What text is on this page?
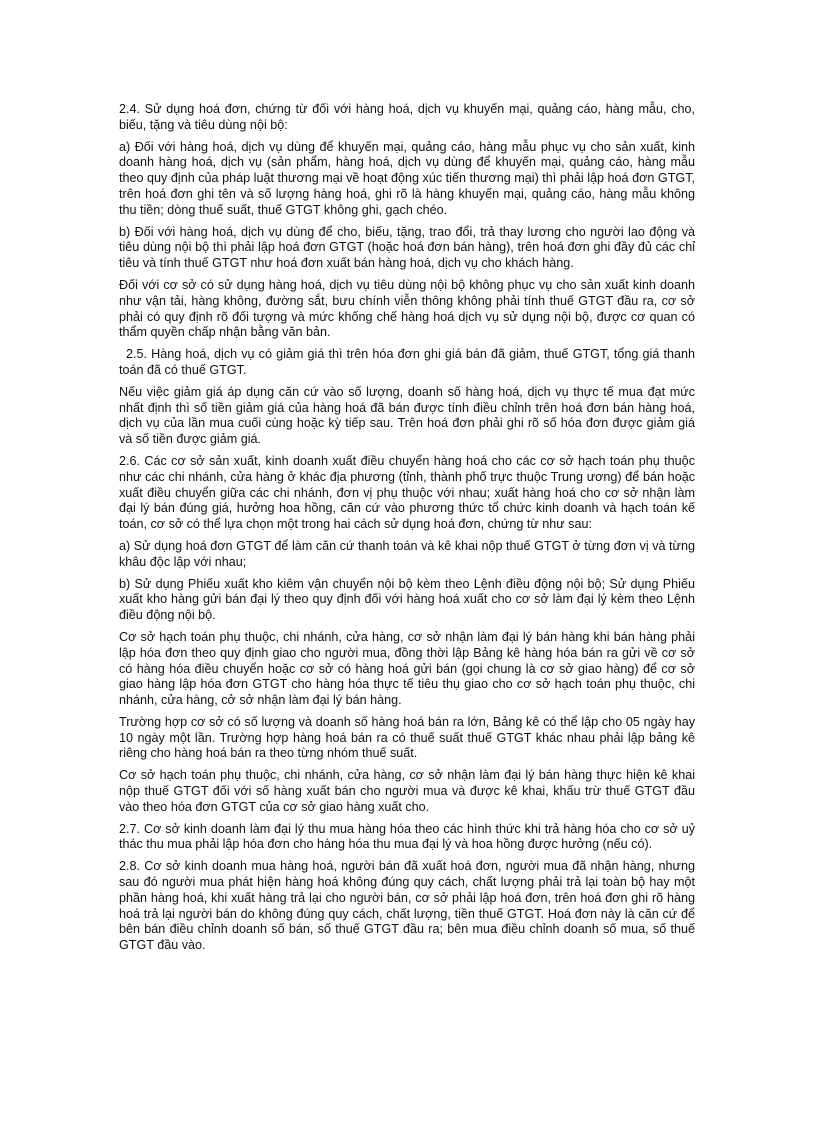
2.4. Sử dụng hoá đơn, chứng từ đối với hàng hoá, dịch vụ khuyến mại, quảng cáo, hàng mẫu, cho, biếu, tặng và tiêu dùng nội bộ:

a) Đối với hàng hoá, dịch vụ dùng để khuyến mại, quảng cáo, hàng mẫu phục vụ cho sản xuất, kinh doanh hàng hoá, dịch vụ (sản phẩm, hàng hoá, dịch vụ dùng để khuyến mại, quảng cáo, hàng mẫu theo quy định của pháp luật thương mại về hoạt động xúc tiến thương mại) thì phải lập hoá đơn GTGT, trên hoá đơn ghi tên và số lượng hàng hoá, ghi rõ là hàng khuyến mại, quảng cáo, hàng mẫu không thu tiền; dòng thuế suất, thuế GTGT không ghi, gạch chéo.

b) Đối với hàng hoá, dịch vụ dùng để cho, biếu, tặng, trao đổi, trả thay lương cho người lao động và tiêu dùng nội bộ thì phải lập hoá đơn GTGT (hoặc hoá đơn bán hàng), trên hoá đơn ghi đầy đủ các chỉ tiêu và tính thuế GTGT như hoá đơn xuất bán hàng hoá, dịch vụ cho khách hàng.

Đối với cơ sở có sử dụng hàng hoá, dịch vụ tiêu dùng nội bộ không phục vụ cho sản xuất kinh doanh như vận tải, hàng không, đường sắt, bưu chính viễn thông không phải tính thuế GTGT đầu ra, cơ sở phải có quy định rõ đối tượng và mức khống chế hàng hoá dịch vụ sử dụng nội bộ, được cơ quan có thẩm quyền chấp nhận bằng văn bản.

2.5. Hàng hoá, dịch vụ có giảm giá thì trên hóa đơn ghi giá bán đã giảm, thuế GTGT, tổng giá thanh toán đã có thuế GTGT.

Nếu việc giảm giá áp dụng căn cứ vào số lượng, doanh số hàng hoá, dịch vụ thực tế mua đạt mức nhất định thì số tiền giảm giá của hàng hoá đã bán được tính điều chỉnh trên hoá đơn bán hàng hoá, dịch vụ của lần mua cuối cùng hoặc kỳ tiếp sau. Trên hoá đơn phải ghi rõ số hóa đơn được giảm giá và số tiền được giảm giá.

2.6. Các cơ sở sản xuất, kinh doanh xuất điều chuyển hàng hoá cho các cơ sở hạch toán phụ thuộc như các chi nhánh, cửa hàng ở khác địa phương (tỉnh, thành phố trực thuộc Trung ương) để bán hoặc xuất điều chuyển giữa các chi nhánh, đơn vị phụ thuộc với nhau; xuất hàng hoá cho cơ sở nhận làm đại lý bán đúng giá, hưởng hoa hồng, căn cứ vào phương thức tổ chức kinh doanh và hạch toán kế toán, cơ sở có thể lựa chọn một trong hai cách sử dụng hoá đơn, chứng từ như sau:

a) Sử dụng hoá đơn GTGT để làm căn cứ thanh toán và kê khai nộp thuế GTGT ở từng đơn vị và từng khâu độc lập với nhau;

b) Sử dụng Phiếu xuất kho kiêm vận chuyển nội bộ kèm theo Lệnh điều động nội bộ; Sử dụng Phiếu xuất kho hàng gửi bán đại lý theo quy định đối với hàng hoá xuất cho cơ sở làm đại lý kèm theo Lệnh điều động nội bộ.

Cơ sở hạch toán phụ thuộc, chi nhánh, cửa hàng, cơ sở nhận làm đại lý bán hàng khi bán hàng phải lập hóa đơn theo quy định giao cho người mua, đồng thời lập Bảng kê hàng hóa bán ra gửi về cơ sở có hàng hóa điều chuyển hoặc cơ sở có hàng hoá gửi bán (gọi chung là cơ sở giao hàng) để cơ sở giao hàng lập hóa đơn GTGT cho hàng hóa thực tế tiêu thụ giao cho cơ sở hạch toán phụ thuộc, chi nhánh, cửa hàng, cở sở nhận làm đại lý bán hàng.

Trường hợp cơ sở có số lượng và doanh số hàng hoá bán ra lớn, Bảng kê có thể lập cho 05 ngày hay 10 ngày một lần. Trường hợp hàng hoá bán ra có thuế suất thuế GTGT khác nhau phải lập bảng kê riêng cho hàng hoá bán ra theo từng nhóm thuế suất.

Cơ sở hạch toán phụ thuộc, chi nhánh, cửa hàng, cơ sở nhận làm đại lý bán hàng thực hiện kê khai nộp thuế GTGT đối với số hàng xuất bán cho người mua và được kê khai, khấu trừ thuế GTGT đầu vào theo hóa đơn GTGT của cơ sở giao hàng xuất cho.

2.7. Cơ sở kinh doanh làm đại lý thu mua hàng hóa theo các hình thức khi trả hàng hóa cho cơ sở uỷ thác thu mua phải lập hóa đơn cho hàng hóa thu mua đại lý và hoa hồng được hưởng (nếu có).

2.8. Cơ sở kinh doanh mua hàng hoá, người bán đã xuất hoá đơn, người mua đã nhận hàng, nhưng sau đó người mua phát hiện hàng hoá không đúng quy cách, chất lượng phải trả lại toàn bộ hay một phần hàng hoá, khi xuất hàng trả lại cho người bán, cơ sở phải lập hoá đơn, trên hoá đơn ghi rõ hàng hoá trả lại người bán do không đúng quy cách, chất lượng, tiền thuế GTGT. Hoá đơn này là căn cứ để bên bán điều chỉnh doanh số bán, số thuế GTGT đầu ra; bên mua điều chỉnh doanh số mua, số thuế GTGT đầu vào.
